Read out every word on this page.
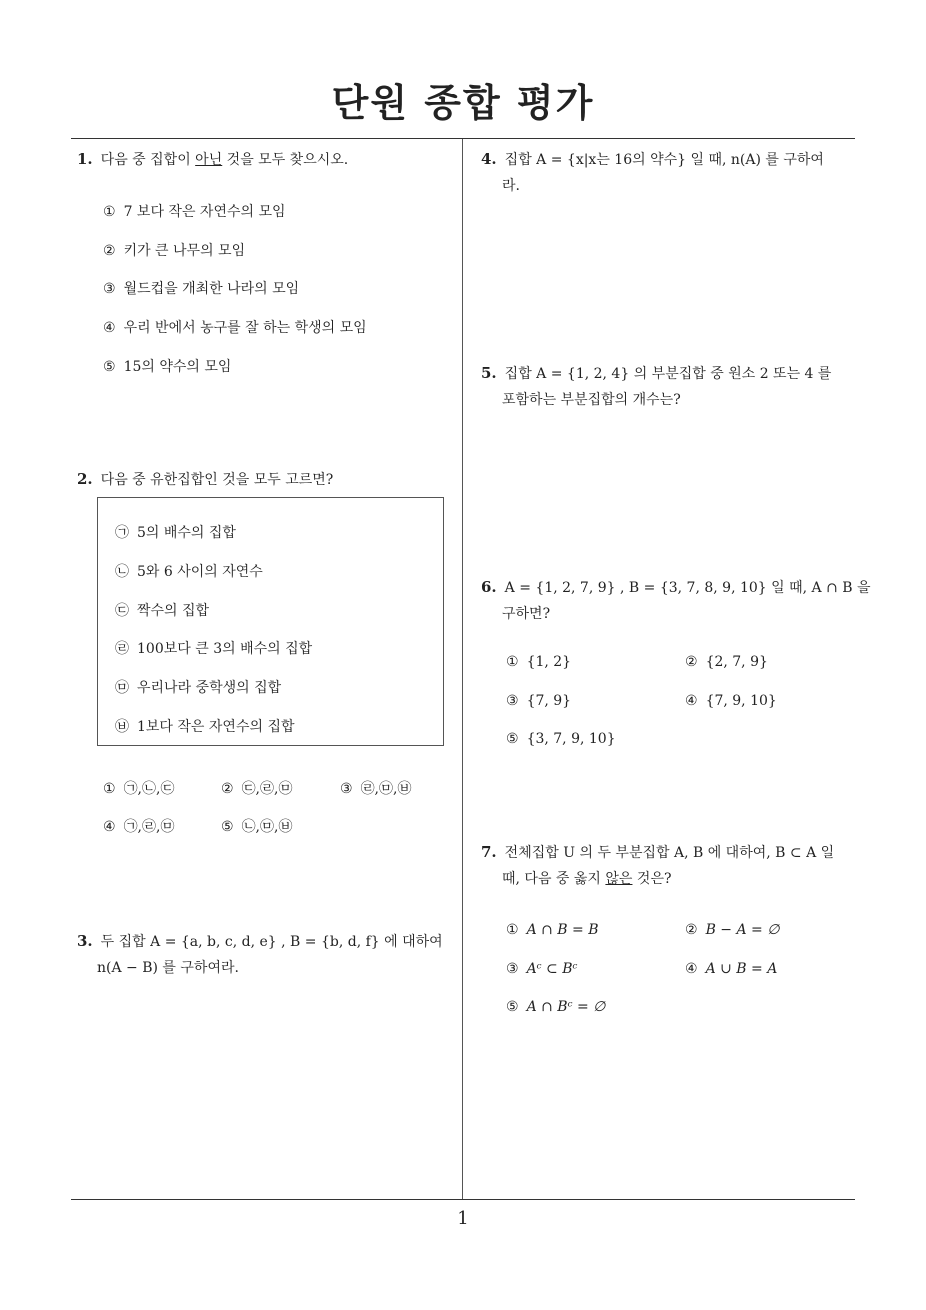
단원 종합 평가
1
1. 다음 중 집합이 아닌 것을 모두 찾으시오.
① 7 보다 작은 자연수의 모임
② 키가 큰 나무의 모임
③ 월드컵을 개최한 나라의 모임
④ 우리 반에서 농구를 잘 하는 학생의 모임
⑤ 15의 약수의 모임
2. 다음 중 유한집합인 것을 모두 고르면?
㉠ 5의 배수의 집합
㉡ 5와 6 사이의 자연수
㉢ 짝수의 집합
㉣ 100보다 큰 3의 배수의 집합
㉤ 우리나라 중학생의 집합
㉥ 1보다 작은 자연수의 집합
① ㉠,㉡,㉢	② ㉢,㉣,㉤	③ ㉣,㉤,㉥
④ ㉠,㉣,㉤	⑤ ㉡,㉤,㉥
3. 두 집합 A = {a, b, c, d, e} , B = {b, d, f} 에 대하여
n(A − B) 를 구하여라.
4. 집합 A = {x|x는 16의 약수} 일 때, n(A) 를 구하여
라.
5. 집합 A = {1, 2, 4} 의 부분집합 중 원소 2 또는 4 를
포함하는 부분집합의 개수는?
6. A = {1, 2, 7, 9} , B = {3, 7, 8, 9, 10} 일 때, A ∩ B 을
구하면?
① {1, 2}	② {2, 7, 9}
③ {7, 9}	④ {7, 9, 10}
⑤ {3, 7, 9, 10}
7. 전체집합 U 의 두 부분집합 A, B 에 대하여, B ⊂ A 일
때, 다음 중 옳지 않은 것은?
① A ∩ B = B	② B − A = ∅
③ Aᶜ ⊂ Bᶜ	④ A ∪ B = A
⑤ A ∩ Bᶜ = ∅
